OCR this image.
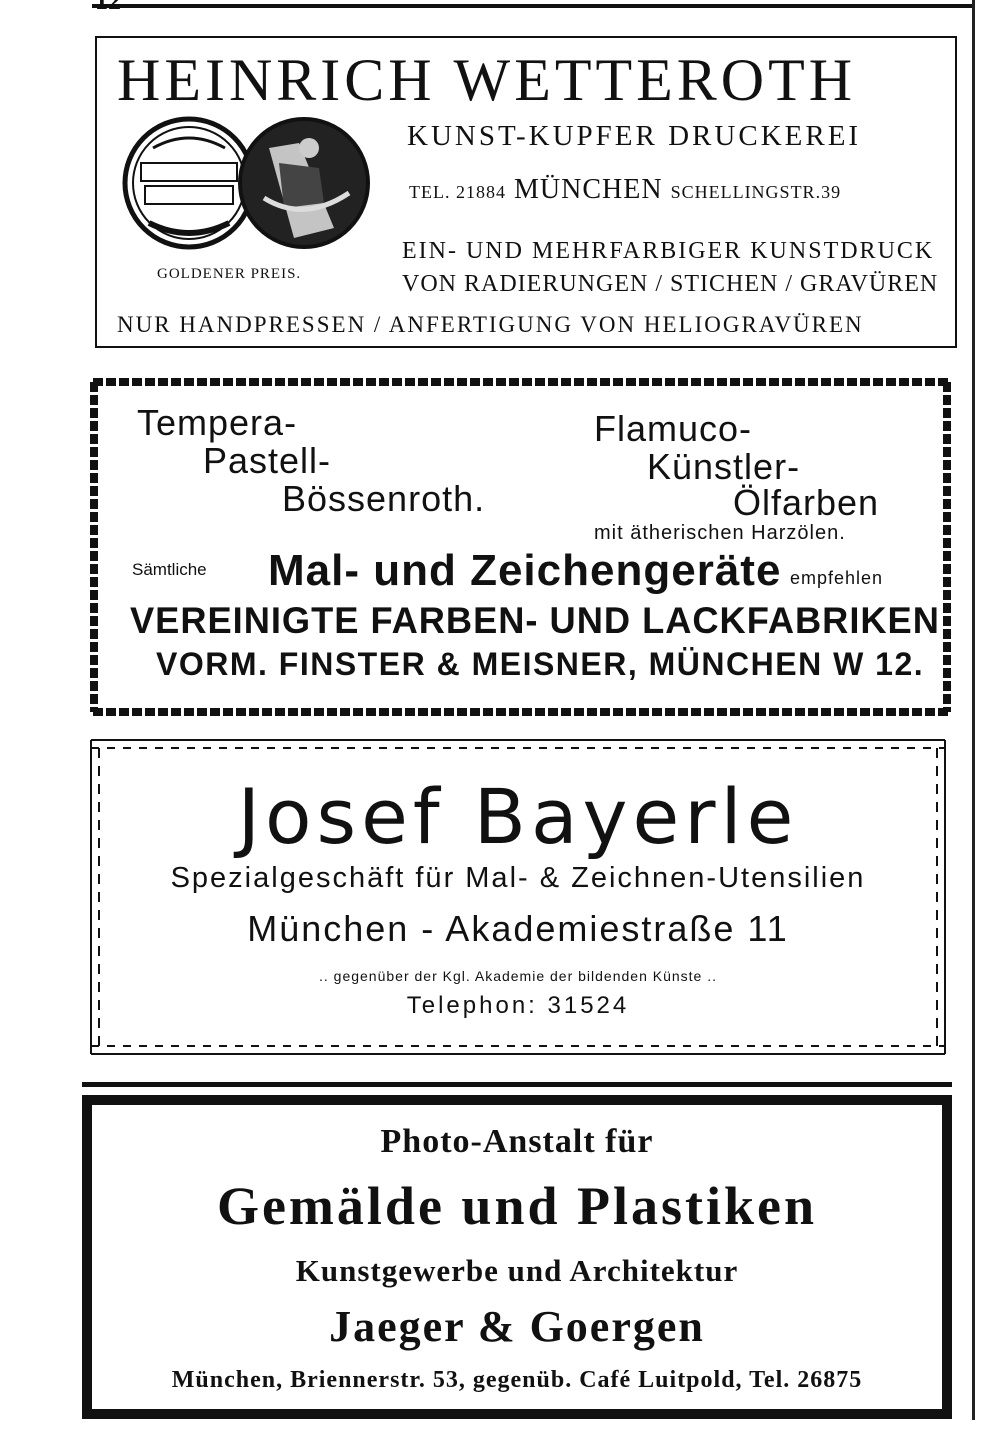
HEINRICH WETTEROTH
KUNST-KUPFER DRUCKEREI
TEL. 21884 MÜNCHEN SCHELLINGSTR.39
GOLDENER PREIS.
EIN- UND MEHRFARBIGER KUNSTDRUCK
VON RADIERUNGEN / STICHEN / GRAVÜREN
NUR HANDPRESSEN / ANFERTIGUNG VON HELIOGRAVÜREN
Tempera-
Pastell-
Bössenroth.
Flamuco-
Künstler-
Ölfarben
mit ätherischen Harzölen.
Sämtliche Mal- und Zeichengeräte empfehlen
VEREINIGTE FARBEN- UND LACKFABRIKEN
VORM. FINSTER & MEISNER, MÜNCHEN W 12.
Josef Bayerle
Spezialgeschäft für Mal- & Zeichnen-Utensilien
München - Akademiestraße 11
.. gegenüber der Kgl. Akademie der bildenden Künste ..
Telephon: 31524
Photo-Anstalt für
Gemälde und Plastiken
Kunstgewerbe und Architektur
Jaeger & Goergen
München, Briennerstr. 53, gegenüb. Café Luitpold, Tel. 26875
